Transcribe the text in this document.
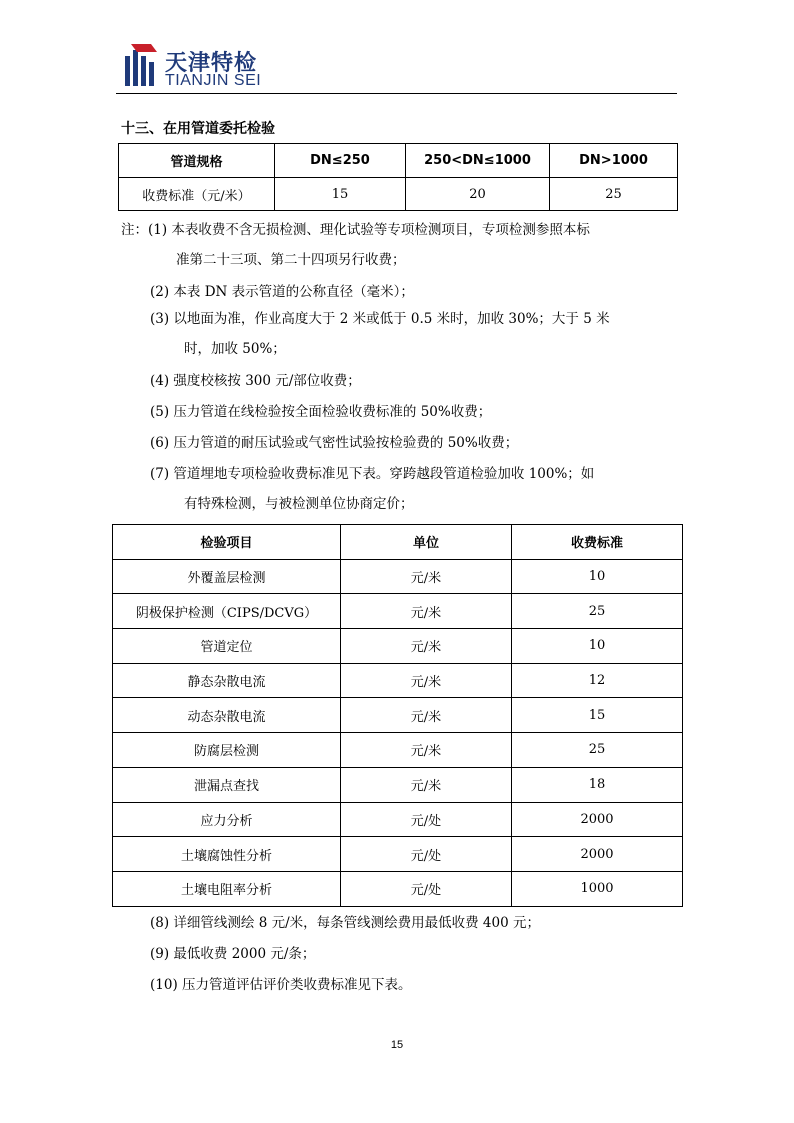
天津特检
TIANJIN SEI
十三、在用管道委托检验
管道规格	DN≤250	250<DN≤1000	DN>1000
收费标准（元/米）	15	20	25
注：(1) 本表收费不含无损检测、理化试验等专项检测项目，专项检测参照本标
准第二十三项、第二十四项另行收费；
(2) 本表 DN 表示管道的公称直径（毫米）；
(3) 以地面为准，作业高度大于 2 米或低于 0.5 米时，加收 30%；大于 5 米
时，加收 50%；
(4) 强度校核按 300 元/部位收费；
(5) 压力管道在线检验按全面检验收费标准的 50%收费；
(6) 压力管道的耐压试验或气密性试验按检验费的 50%收费；
(7) 管道埋地专项检验收费标准见下表。穿跨越段管道检验加收 100%；如
有特殊检测，与被检测单位协商定价；
检验项目	单位	收费标准
外覆盖层检测	元/米	10
阴极保护检测（CIPS/DCVG）	元/米	25
管道定位	元/米	10
静态杂散电流	元/米	12
动态杂散电流	元/米	15
防腐层检测	元/米	25
泄漏点查找	元/米	18
应力分析	元/处	2000
土壤腐蚀性分析	元/处	2000
土壤电阻率分析	元/处	1000
(8) 详细管线测绘 8 元/米，每条管线测绘费用最低收费 400 元；
(9) 最低收费 2000 元/条；
(10) 压力管道评估评价类收费标准见下表。
15
